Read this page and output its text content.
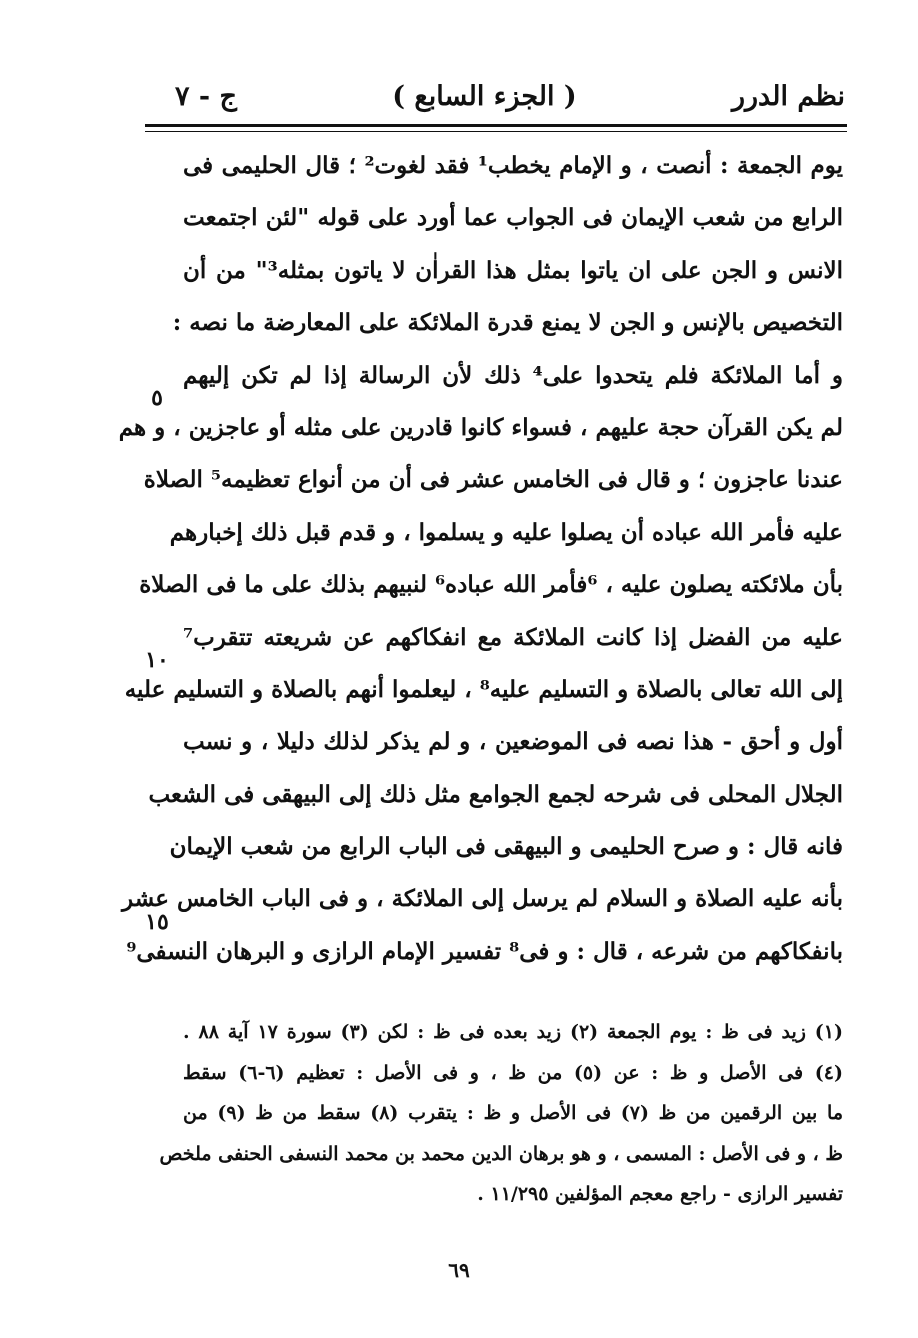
نظم الدرر
( الجزء السابع )
ج - ٧
يوم الجمعة : أنصت ، و الإمام يخطب¹ فقد لغوت² ؛ قال الحليمى فى
الرابع من شعب الإيمان فى الجواب عما أورد على قوله "لئن اجتمعت
الانس و الجن على ان ياتوا بمثل هذا القراٰن لا ياتون بمثله³" من أن
التخصيص بالإنس و الجن لا يمنع قدرة الملائكة على المعارضة ما نصه :
و أما الملائكة فلم يتحدوا على⁴ ذلك لأن الرسالة إذا لم تكن إليهم
لم يكن القرآن حجة عليهم ، فسواء كانوا قادرين على مثله أو عاجزين ، و هم
عندنا عاجزون ؛ و قال فى الخامس عشر فى أن من أنواع تعظيمه⁵ الصلاة
عليه فأمر الله عباده أن يصلوا عليه و يسلموا ، و قدم قبل ذلك إخبارهم
بأن ملائكته يصلون عليه ، ⁶فأمر الله عباده⁶ لنبيهم بذلك على ما فى الصلاة
عليه من الفضل إذا كانت الملائكة مع انفكاكهم عن شريعته تتقرب⁷
إلى الله تعالى بالصلاة و التسليم عليه⁸ ، ليعلموا أنهم بالصلاة و التسليم عليه
أول و أحق - هذا نصه فى الموضعين ، و لم يذكر لذلك دليلا ، و نسب
الجلال المحلى فى شرحه لجمع الجوامع مثل ذلك إلى البيهقى فى الشعب
فانه قال : و صرح الحليمى و البيهقى فى الباب الرابع من شعب الإيمان
بأنه عليه الصلاة و السلام لم يرسل إلى الملائكة ، و فى الباب الخامس عشر
بانفكاكهم من شرعه ، قال : و فى⁸ تفسير الإمام الرازى و البرهان النسفى⁹
٥
١٠
١٥
(١) زيد فى ظ : يوم الجمعة (٢) زيد بعده فى ظ : لكن (٣) سورة ١٧ آية ٨٨ .
(٤) فى الأصل و ظ : عن (٥) من ظ ، و فى الأصل : تعظيم (٦-٦) سقط
ما بين الرقمين من ظ (٧) فى الأصل و ظ : يتقرب (٨) سقط من ظ (٩) من
ظ ، و فى الأصل : المسمى ، و هو برهان الدين محمد بن محمد النسفى الحنفى ملخص
تفسير الرازى - راجع معجم المؤلفين ١١/٢٩٥ .
٦٩
